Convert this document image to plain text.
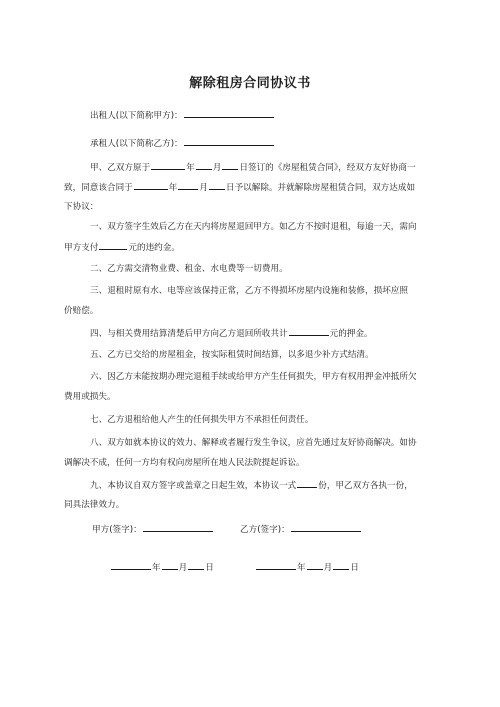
解除租房合同协议书
出租人(以下简称甲方)：
承租人(以下简称乙方)：
甲、乙双方原于	年 月 日签订的《房屋租赁合同》，经双方友好协商一
致，同意该合同于	年	月 日予以解除。并就解除房屋租赁合同，双方达成如
下协议：
一、双方签字生效后乙方在天内将房屋退回甲方。如乙方不按时退租，每逾一天，需向
甲方支付	元的违约金。
二、乙方需交清物业费、租金、水电费等一切费用。
三、退租时原有水、电等应该保持正常，乙方不得损坏房屋内设施和装修，损坏应照
价赔偿。
四、与相关费用结算清楚后甲方向乙方退回所收共计	元的押金。
五、乙方已交给的房屋租金，按实际租赁时间结算，以多退少补方式结清。
六、因乙方未能按期办理完退租手续或给甲方产生任何损失，甲方有权用押金冲抵所欠
费用或损失。
七、乙方退租给他人产生的任何损失甲方不承担任何责任。
八、双方如就本协议的效力、解释或者履行发生争议，应首先通过友好协商解决。如协
调解决不成，任何一方均有权向房屋所在地人民法院提起诉讼。
九、本协议自双方签字或盖章之日起生效，本协议一式	份，甲乙双方各执一份，
同具法律效力。
甲方(签字)：	乙方(签字)：
年 月 日	年 月 日
